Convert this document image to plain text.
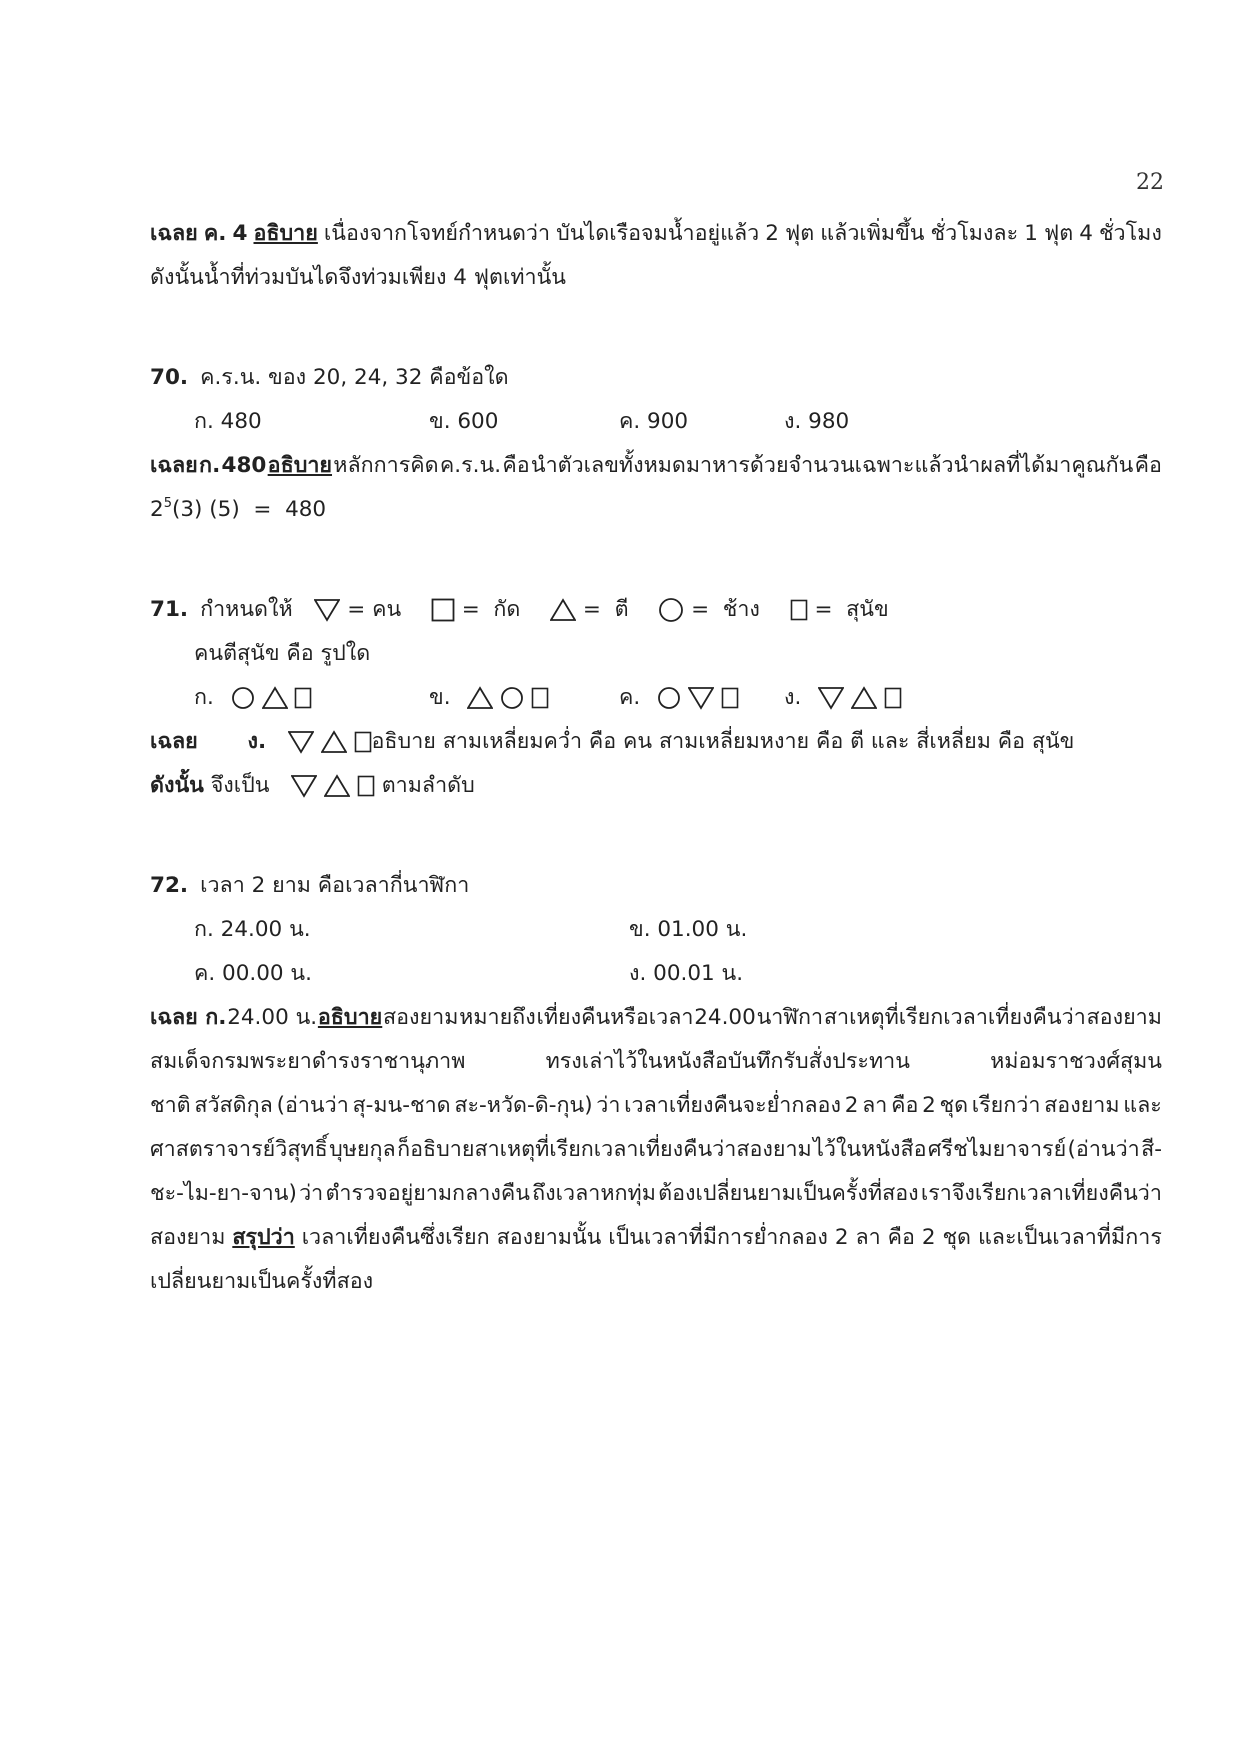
22
เฉลย ค. 4 อธิบาย เนื่องจากโจทย์กำหนดว่า บันไดเรือจมน้ำอยู่แล้ว 2 ฟุต แล้วเพิ่มขึ้น ชั่วโมงละ 1 ฟุต 4 ชั่วโมง
ดังนั้นน้ำที่ท่วมบันไดจึงท่วมเพียง 4 ฟุตเท่านั้น
70. ค.ร.น. ของ 20, 24, 32 คือข้อใด
ก. 480	ข. 600	ค. 900	ง. 980
เฉลย ก. 480 อธิบาย หลักการคิด ค.ร.น. คือ นำตัวเลขทั้งหมดมาหารด้วยจำนวนเฉพาะแล้วนำผลที่ได้มาคูณกัน คือ
$2^5(3) (5) = 480$
71. กำหนดให้	= คน	=  กัด	=  ตี	=  ช้าง	=  สุนัข
คนตีสุนัข คือ รูปใด
ก.

	ข.

	ค.

	ง.

เฉลย ง.

	อธิบาย สามเหลี่ยมคว่ำ คือ คน สามเหลี่ยมหงาย คือ ตี และ สี่เหลี่ยม คือ สุนัข
ดังนั้น จึงเป็น

	ตามลำดับ
72. เวลา 2 ยาม คือเวลากี่นาฬิกา
ก. 24.00 น.	ข. 01.00 น.
ค. 00.00 น.	ง. 00.01 น.
เฉลย ก. 24.00 น. อธิบาย สองยาม หมายถึง เที่ยงคืนหรือเวลา 24.00 นาฬิกา สาเหตุที่เรียกเวลาเที่ยงคืนว่า สองยาม
สมเด็จกรมพระยาดำรงราชานุภาพ	ทรงเล่าไว้ในหนังสือบันทึกรับสั่งประทาน	หม่อมราชวงศ์สุมน
ชาติ สวัสดิกุล (อ่านว่า สุ-มน-ชาด สะ-หวัด-ดิ-กุน) ว่า เวลาเที่ยงคืนจะย่ำกลอง 2 ลา คือ 2 ชุด เรียกว่า สองยาม และ
ศาสตราจารย์วิสุทธิ์ บุษยกุล ก็อธิบายสาเหตุที่เรียกเวลาเที่ยงคืนว่าสองยาม ไว้ในหนังสือ ศรีชไมยาจารย์ (อ่านว่า สี-
ชะ-ไม-ยา-จาน) ว่า ตำรวจอยู่ยามกลางคืน ถึงเวลาหกทุ่ม ต้องเปลี่ยนยามเป็นครั้งที่สอง เราจึงเรียกเวลาเที่ยงคืนว่า
สองยาม สรุปว่า เวลาเที่ยงคืนซึ่งเรียก สองยามนั้น เป็นเวลาที่มีการย่ำกลอง 2 ลา คือ 2 ชุด และเป็นเวลาที่มีการ
เปลี่ยนยามเป็นครั้งที่สอง
